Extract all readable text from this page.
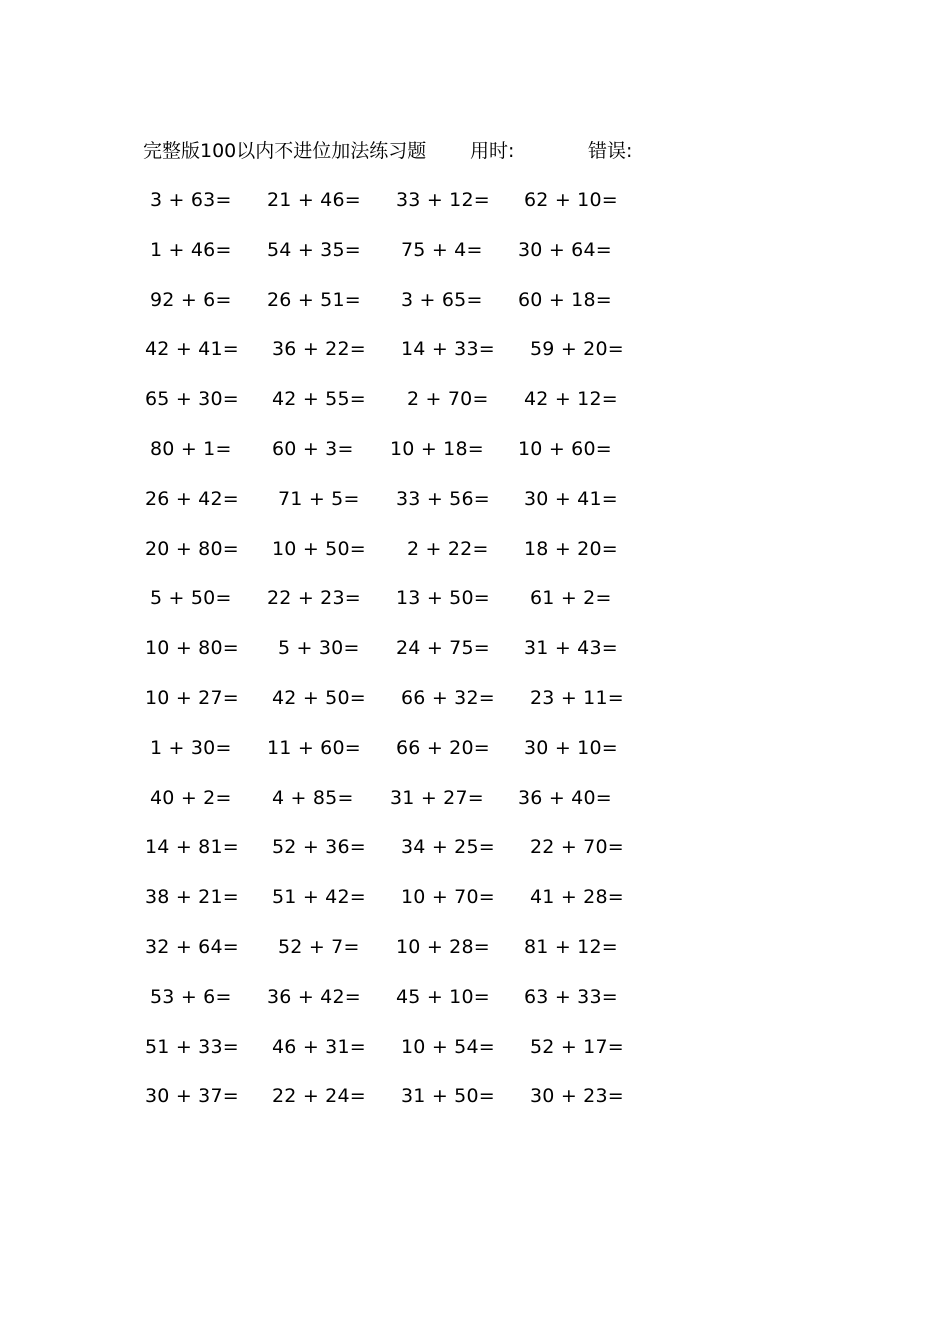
完整版100以内不进位加法练习题 用时:	错误:
3 + 63= 21 + 46= 33 + 12= 62 + 10=
1 + 46= 54 + 35= 75 + 4= 30 + 64=
92 + 6= 26 + 51= 3 + 65= 60 + 18=
42 + 41= 36 + 22= 14 + 33= 59 + 20=
65 + 30= 42 + 55= 2 + 70= 42 + 12=
80 + 1= 60 + 3= 10 + 18= 10 + 60=
26 + 42= 71 + 5= 33 + 56= 30 + 41=
20 + 80= 10 + 50= 2 + 22= 18 + 20=
5 + 50= 22 + 23= 13 + 50= 61 + 2=
10 + 80= 5 + 30= 24 + 75= 31 + 43=
10 + 27= 42 + 50= 66 + 32= 23 + 11=
1 + 30= 11 + 60= 66 + 20= 30 + 10=
40 + 2= 4 + 85= 31 + 27= 36 + 40=
14 + 81= 52 + 36= 34 + 25= 22 + 70=
38 + 21= 51 + 42= 10 + 70= 41 + 28=
32 + 64= 52 + 7= 10 + 28= 81 + 12=
53 + 6= 36 + 42= 45 + 10= 63 + 33=
51 + 33= 46 + 31= 10 + 54= 52 + 17=
30 + 37= 22 + 24= 31 + 50= 30 + 23=
